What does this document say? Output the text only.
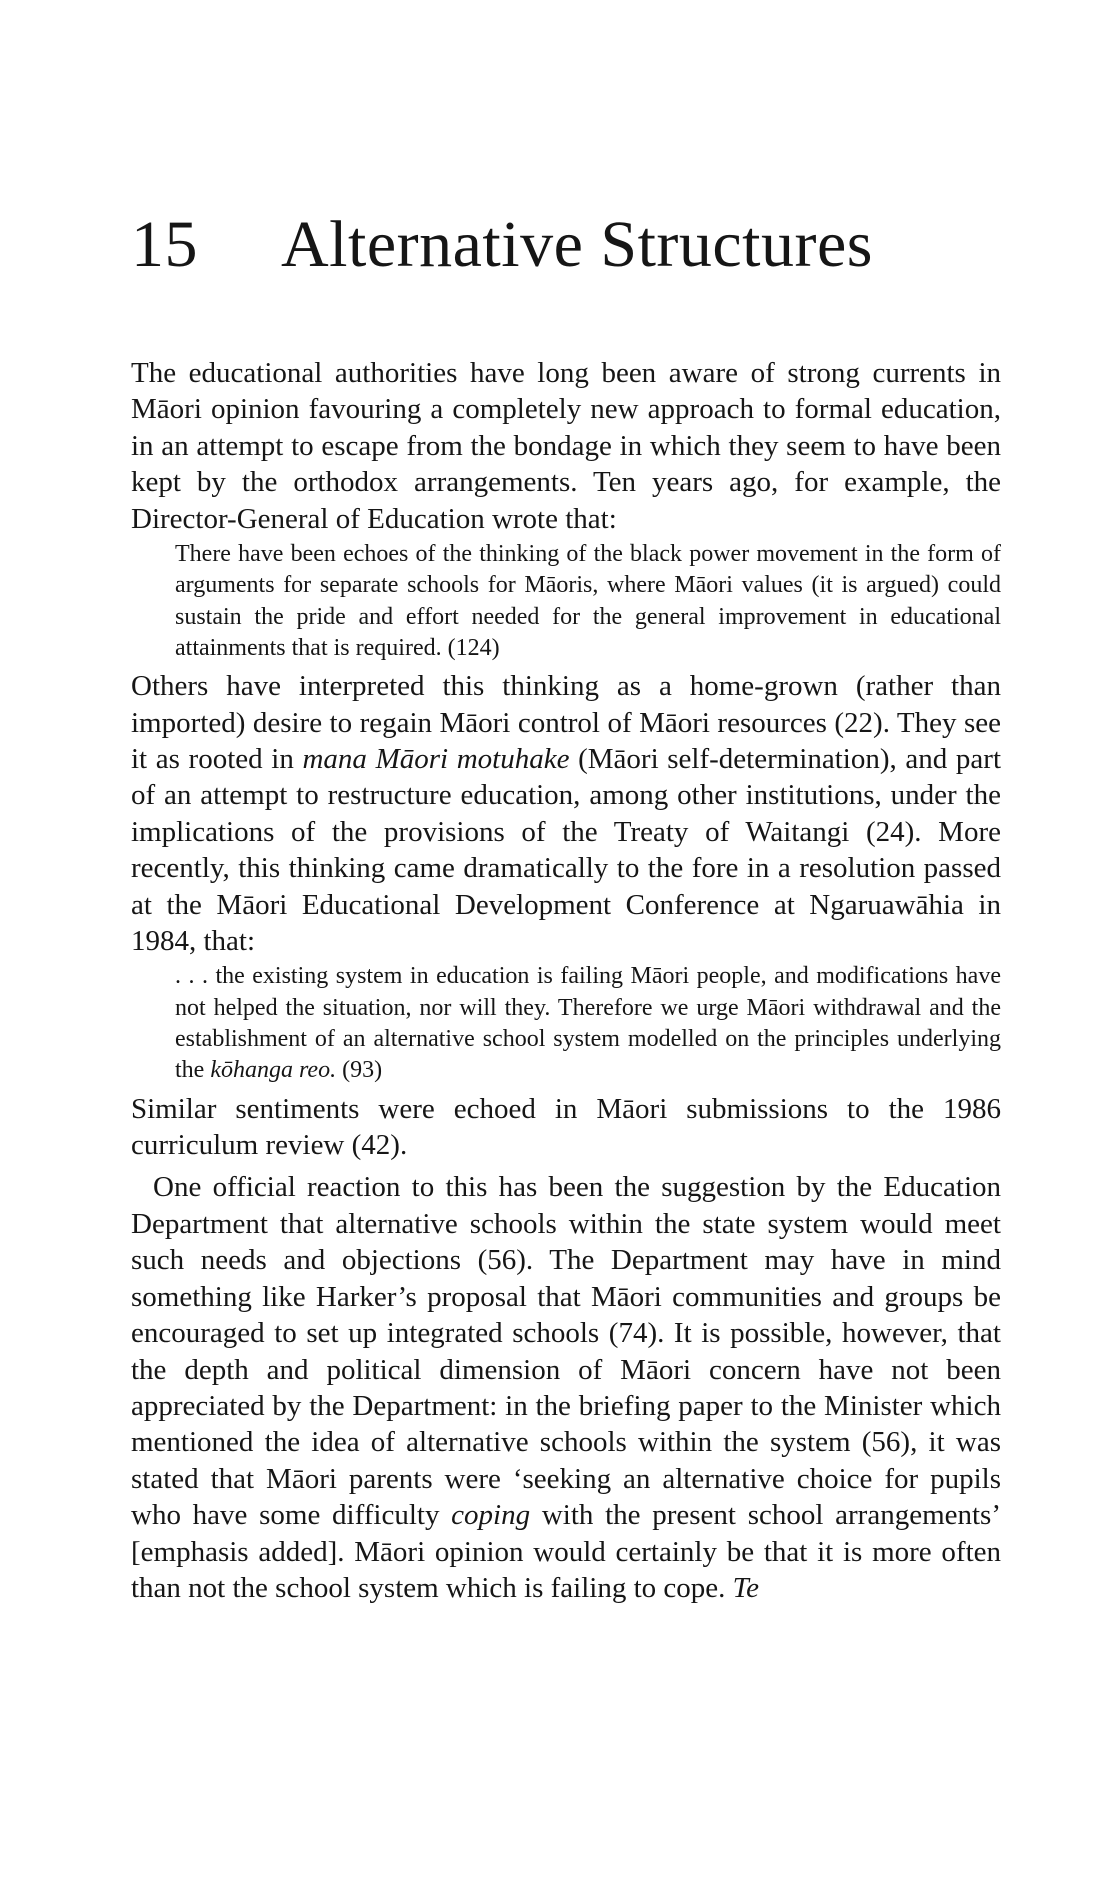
15 Alternative Structures

The educational authorities have long been aware of strong currents in Māori opinion favouring a completely new approach to formal education, in an attempt to escape from the bondage in which they seem to have been kept by the orthodox arrangements. Ten years ago, for example, the Director-General of Education wrote that:

There have been echoes of the thinking of the black power movement in the form of arguments for separate schools for Māoris, where Māori values (it is argued) could sustain the pride and effort needed for the general improvement in educational attainments that is required. (124)

Others have interpreted this thinking as a home-grown (rather than imported) desire to regain Māori control of Māori resources (22). They see it as rooted in mana Māori motuhake (Māori self-determination), and part of an attempt to restructure education, among other institutions, under the implications of the provisions of the Treaty of Waitangi (24). More recently, this thinking came dramatically to the fore in a resolution passed at the Māori Educational Development Conference at Ngaruawāhia in 1984, that:

. . . the existing system in education is failing Māori people, and modifications have not helped the situation, nor will they. Therefore we urge Māori withdrawal and the establishment of an alternative school system modelled on the principles underlying the kōhanga reo. (93)

Similar sentiments were echoed in Māori submissions to the 1986 curriculum review (42).

One official reaction to this has been the suggestion by the Education Department that alternative schools within the state system would meet such needs and objections (56). The Department may have in mind something like Harker’s proposal that Māori communities and groups be encouraged to set up integrated schools (74). It is possible, however, that the depth and political dimension of Māori concern have not been appreciated by the Department: in the briefing paper to the Minister which mentioned the idea of alternative schools within the system (56), it was stated that Māori parents were ‘seeking an alternative choice for pupils who have some difficulty coping with the present school arrangements’ [emphasis added]. Māori opinion would certainly be that it is more often than not the school system which is failing to cope. Te
